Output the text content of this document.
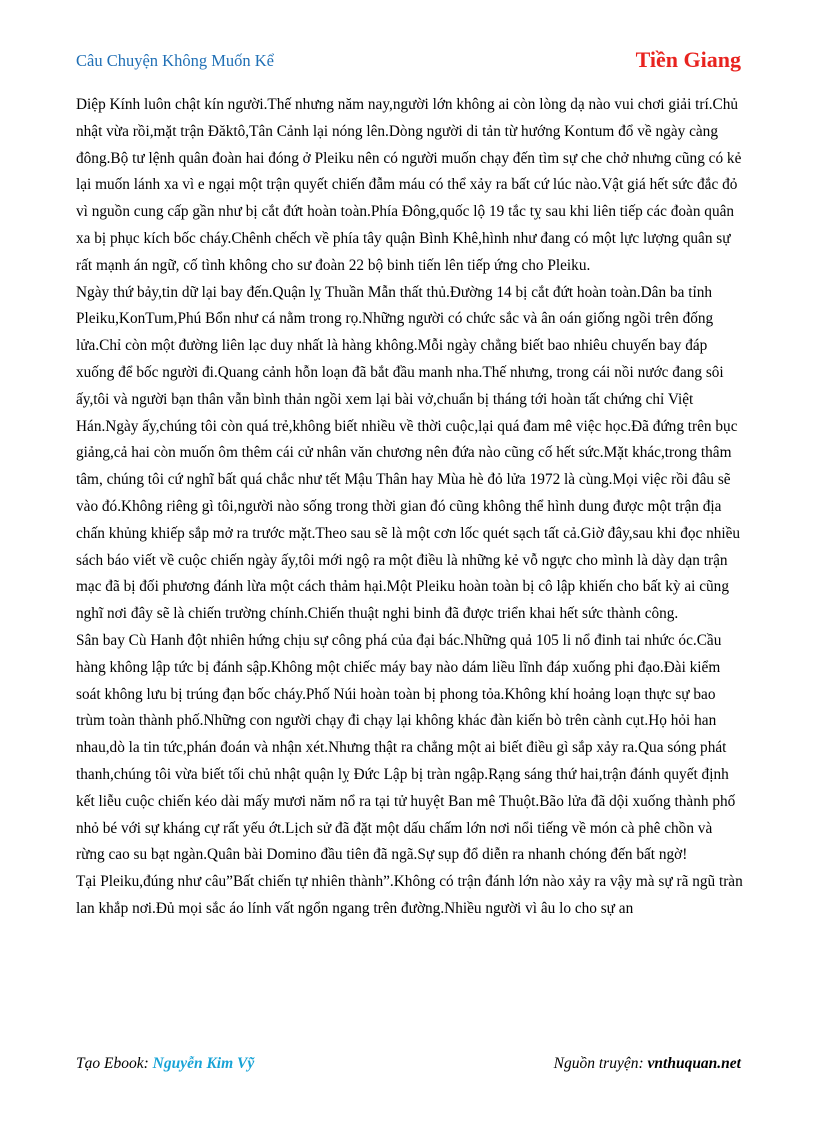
Câu Chuyện Không Muốn Kể	Tiền Giang

Diệp Kính luôn chật kín người.Thế nhưng năm nay,người lớn không ai còn lòng dạ nào vui chơi giải trí.Chủ nhật vừa rồi,mặt trận Đăktô,Tân Cảnh lại nóng lên.Dòng người di tản từ hướng Kontum đổ về ngày càng đông.Bộ tư lệnh quân đoàn hai đóng ở Pleiku nên có người muốn chạy đến tìm sự che chở nhưng cũng có kẻ lại muốn lánh xa vì e ngại một trận quyết chiến đẫm máu có thể xảy ra bất cứ lúc nào.Vật giá hết sức đắc đỏ vì nguồn cung cấp gần như bị cắt đứt hoàn toàn.Phía Đông,quốc lộ 19 tắc tỵ sau khi liên tiếp các đoàn quân xa bị phục kích bốc cháy.Chênh chếch về phía tây quận Bình Khê,hình như đang có một lực lượng quân sự rất mạnh án ngữ, cố tình không cho sư đoàn 22 bộ binh tiến lên tiếp ứng cho Pleiku.

Ngày thứ bảy,tin dữ lại bay đến.Quận lỵ Thuần Mẫn thất thủ.Đường 14 bị cắt đứt hoàn toàn.Dân ba tỉnh Pleiku,KonTum,Phú Bổn như cá nằm trong rọ.Những người có chức sắc và ân oán giống ngồi trên đống lửa.Chỉ còn một đường liên lạc duy nhất là hàng không.Mỗi ngày chẳng biết bao nhiêu chuyến bay đáp xuống để bốc người đi.Quang cảnh hỗn loạn đã bắt đầu manh nha.Thế nhưng, trong cái nồi nước đang sôi ấy,tôi và người bạn thân vẫn bình thản ngồi xem lại bài vở,chuẩn bị tháng tới hoàn tất chứng chỉ Việt Hán.Ngày ấy,chúng tôi còn quá trẻ,không biết nhiều về thời cuộc,lại quá đam mê việc học.Đã đứng trên bục giảng,cả hai còn muốn ôm thêm cái cử nhân văn chương nên đứa nào cũng cố hết sức.Mặt khác,trong thâm tâm, chúng tôi cứ nghĩ bất quá chắc như tết Mậu Thân hay Mùa hè đỏ lửa 1972 là cùng.Mọi việc rồi đâu sẽ vào đó.Không riêng gì tôi,người nào sống trong thời gian đó cũng không thể hình dung được một trận địa chấn khủng khiếp sắp mở ra trước mặt.Theo sau sẽ là một cơn lốc quét sạch tất cả.Giờ đây,sau khi đọc nhiều sách báo viết về cuộc chiến ngày ấy,tôi mới ngộ ra một điều là những kẻ vỗ ngực cho mình là dày dạn trận mạc đã bị đối phương đánh lừa một cách thảm hại.Một Pleiku hoàn toàn bị cô lập khiến cho bất kỳ ai cũng nghĩ nơi đây sẽ là chiến trường chính.Chiến thuật nghi binh đã được triển khai hết sức thành công.

Sân bay Cù Hanh đột nhiên hứng chịu sự công phá của đại bác.Những quả 105 li nổ đinh tai nhức óc.Cầu hàng không lập tức bị đánh sập.Không một chiếc máy bay nào dám liều lĩnh đáp xuống phi đạo.Đài kiểm soát không lưu bị trúng đạn bốc cháy.Phố Núi hoàn toàn bị phong tỏa.Không khí hoảng loạn thực sự bao trùm toàn thành phố.Những con người chạy đi chạy lại không khác đàn kiến bò trên cành cụt.Họ hỏi han nhau,dò la tin tức,phán đoán và nhận xét.Nhưng thật ra chẳng một ai biết điều gì sắp xảy ra.Qua sóng phát thanh,chúng tôi vừa biết tối chủ nhật quận lỵ Đức Lập bị tràn ngập.Rạng sáng thứ hai,trận đánh quyết định kết liễu cuộc chiến kéo dài mấy mươi năm nổ ra tại tử huyệt Ban mê Thuột.Bão lửa đã dội xuống thành phố nhỏ bé với sự kháng cự rất yếu ớt.Lịch sử đã đặt một dấu chấm lớn nơi nổi tiếng về món cà phê chồn và rừng cao su bạt ngàn.Quân bài Domino đầu tiên đã ngã.Sự sụp đổ diễn ra nhanh chóng đến bất ngờ!

Tại Pleiku,đúng như câu”Bất chiến tự nhiên thành”.Không có trận đánh lớn nào xảy ra vậy mà sự rã ngũ tràn lan khắp nơi.Đủ mọi sắc áo lính vất ngổn ngang trên đường.Nhiều người vì âu lo cho sự an

Tạo Ebook: Nguyễn Kim Vỹ	Nguồn truyện: vnthuquan.net
